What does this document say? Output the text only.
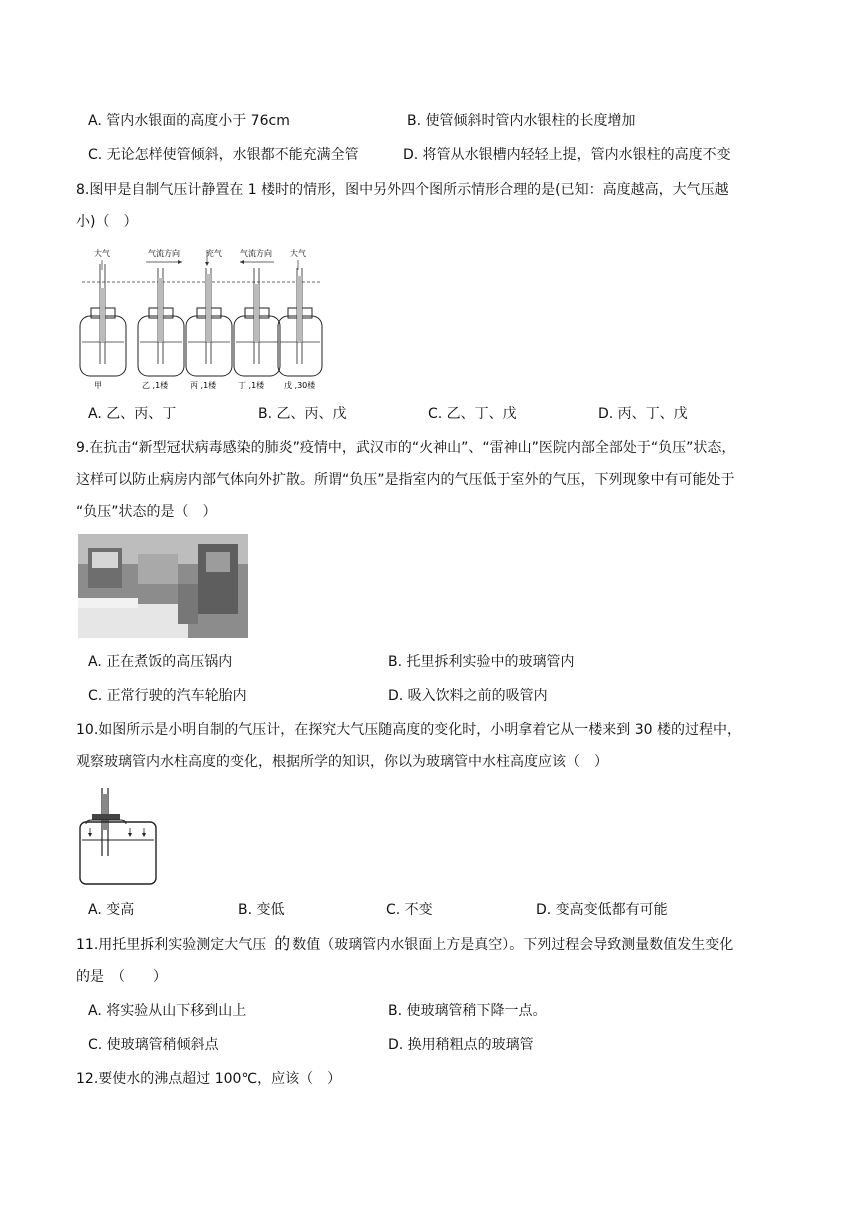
A. 管内水银面的高度小于 76cm	B. 使管倾斜时管内水银柱的长度增加
C. 无论怎样使管倾斜，水银都不能充满全管	D. 将管从水银槽内轻轻上提，管内水银柱的高度不变
8.图甲是自制气压计静置在 1 楼时的情形，图中另外四个图所示情形合理的是(已知：高度越高，大气压越
小)（　）
大气	气流方向	充气 气流方向 大气
甲	乙 ,1楼	丙 ,1楼	丁 ,1楼 戊 ,30楼
A. 乙、丙、丁	B. 乙、丙、戊	C. 乙、丁、戊	D. 丙、丁、戊
9.在抗击“新型冠状病毒感染的肺炎”疫情中，武汉市的“火神山”、“雷神山”医院内部全部处于“负压”状态，
这样可以防止病房内部气体向外扩散。所谓“负压”是指室内的气压低于室外的气压，下列现象中有可能处于
“负压”状态的是（　）
A. 正在煮饭的高压锅内	B. 托里拆利实验中的玻璃管内
C. 正常行驶的汽车轮胎内	D. 吸入饮料之前的吸管内
10.如图所示是小明自制的气压计，在探究大气压随高度的变化时，小明拿着它从一楼来到 30 楼的过程中，
观察玻璃管内水柱高度的变化，根据所学的知识，你以为玻璃管中水柱高度应该（　）
A. 变高	B. 变低	C. 不变	D. 变高变低都有可能
11.用托里拆利实验测定大气压 的 数值（玻璃管内水银面上方是真空）。下列过程会导致测量数值发生变化
的是　（　　）
A. 将实验从山下移到山上	B. 使玻璃管稍下降一点。
C. 使玻璃管稍倾斜点	D. 换用稍粗点的玻璃管
12.要使水的沸点超过 100℃，应该（　）
